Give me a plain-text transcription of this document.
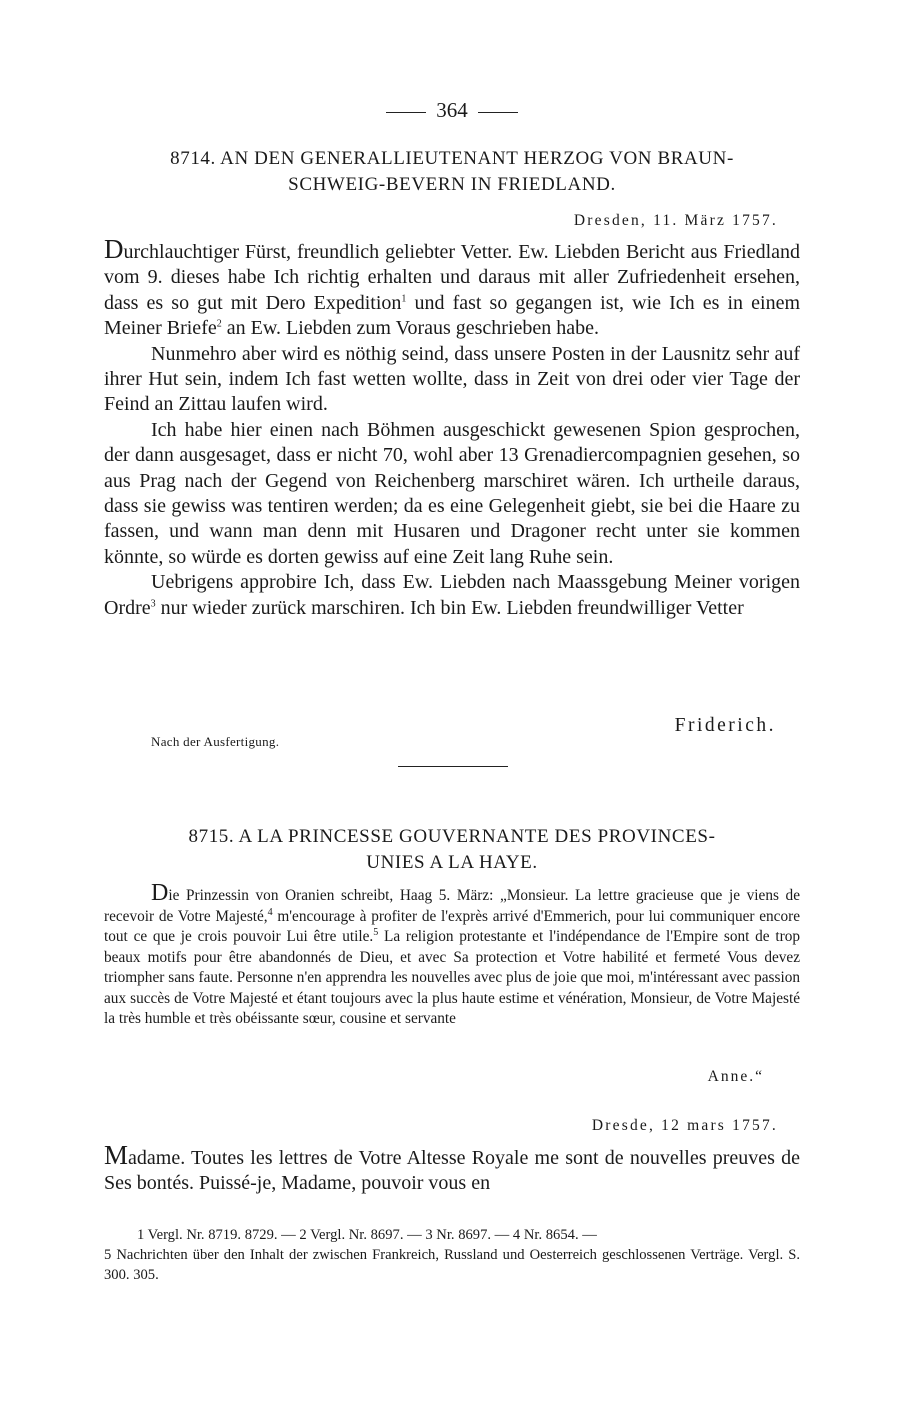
364
8714. AN DEN GENERALLIEUTENANT HERZOG VON BRAUN-
SCHWEIG-BEVERN IN FRIEDLAND.
Dresden, 11. März 1757.

Durchlauchtiger Fürst, freundlich geliebter Vetter. Ew. Liebden Bericht aus Friedland vom 9. dieses habe Ich richtig erhalten und daraus mit aller Zufriedenheit ersehen, dass es so gut mit Dero Expedition$^1$ und fast so gegangen ist, wie Ich es in einem Meiner Briefe$^2$ an Ew. Liebden zum Voraus geschrieben habe.

Nunmehro aber wird es nöthig seind, dass unsere Posten in der Lausnitz sehr auf ihrer Hut sein, indem Ich fast wetten wollte, dass in Zeit von drei oder vier Tage der Feind an Zittau laufen wird.

Ich habe hier einen nach Böhmen ausgeschickt gewesenen Spion gesprochen, der dann ausgesaget, dass er nicht 70, wohl aber 13 Grenadiercompagnien gesehen, so aus Prag nach der Gegend von Reichenberg marschiret wären. Ich urtheile daraus, dass sie gewiss was tentiren werden; da es eine Gelegenheit giebt, sie bei die Haare zu fassen, und wann man denn mit Husaren und Dragoner recht unter sie kommen könnte, so würde es dorten gewiss auf eine Zeit lang Ruhe sein.

Uebrigens approbire Ich, dass Ew. Liebden nach Maassgebung Meiner vorigen Ordre$^3$ nur wieder zurück marschiren. Ich bin Ew. Liebden freundwilliger Vetter

Friderich.
Nach der Ausfertigung.
8715. A LA PRINCESSE GOUVERNANTE DES PROVINCES-
UNIES A LA HAYE.

Die Prinzessin von Oranien schreibt, Haag 5. März: „Monsieur. La lettre gracieuse que je viens de recevoir de Votre Majesté,$^4$ m'encourage à profiter de l'exprès arrivé d'Emmerich, pour lui communiquer encore tout ce que je crois pouvoir Lui être utile.$^5$ La religion protestante et l'indépendance de l'Empire sont de trop beaux motifs pour être abandonnés de Dieu, et avec Sa protection et Votre habilité et fermeté Vous devez triompher sans faute. Personne n'en apprendra les nouvelles avec plus de joie que moi, m'intéressant avec passion aux succès de Votre Majesté et étant toujours avec la plus haute estime et vénération, Monsieur, de Votre Majesté la très humble et très obéissante sœur, cousine et servante

Anne.“
Dresde, 12 mars 1757.

Madame. Toutes les lettres de Votre Altesse Royale me sont de nouvelles preuves de Ses bontés. Puissé-je, Madame, pouvoir vous en

1 Vergl. Nr. 8719. 8729. — 2 Vergl. Nr. 8697. — 3 Nr. 8697. — 4 Nr. 8654. —

5 Nachrichten über den Inhalt der zwischen Frankreich, Russland und Oesterreich geschlossenen Verträge. Vergl. S. 300. 305.
